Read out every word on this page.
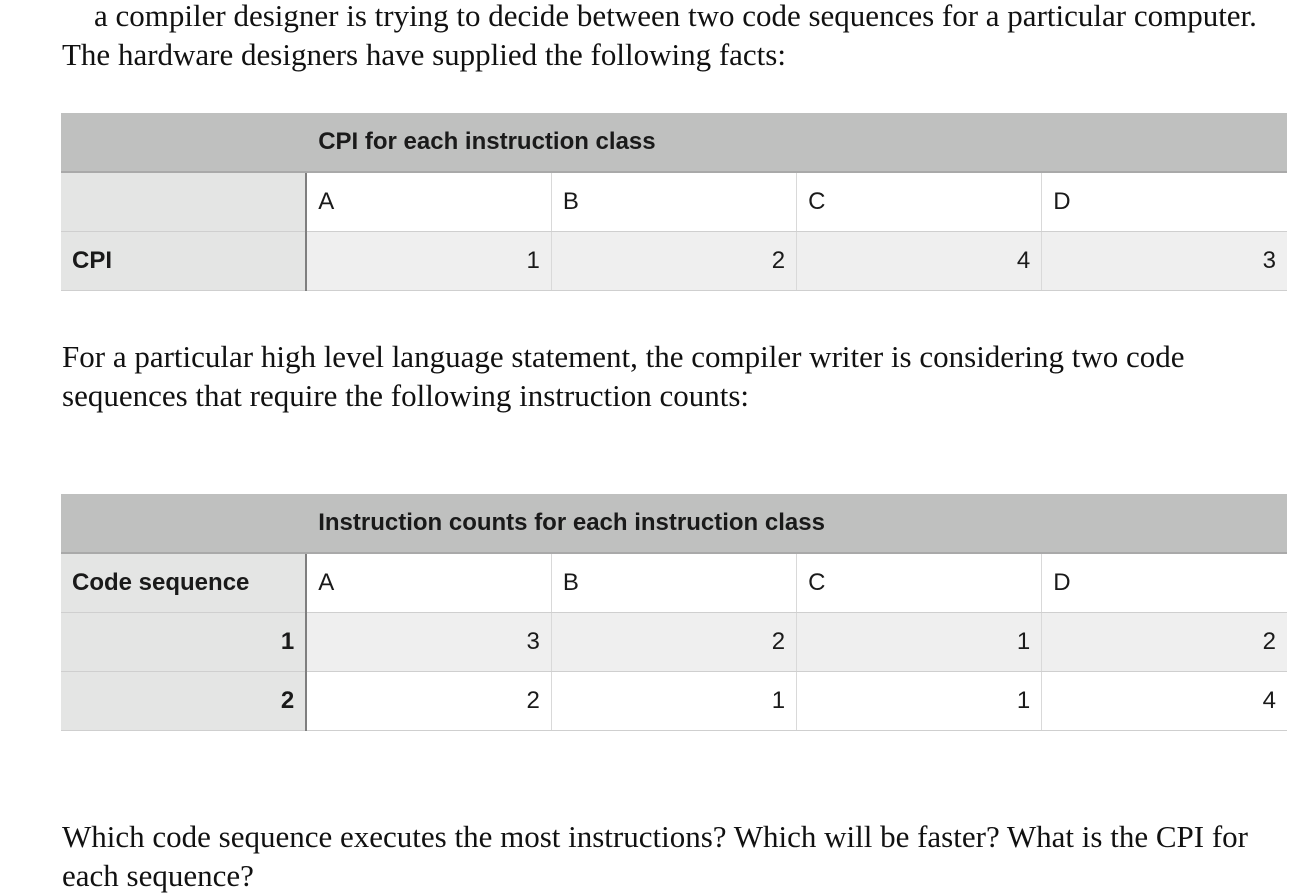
a compiler designer is trying to decide between two code sequences for a particular computer.
The hardware designers have supplied the following facts:

	CPI for each instruction class			
	A	B	C	D
CPI	1	2	4	3

For a particular high level language statement, the compiler writer is considering two code
sequences that require the following instruction counts:

	Instruction counts for each instruction class			
Code sequence	A	B	C	D
1	3	2	1	2
2	2	1	1	4

Which code sequence executes the most instructions? Which will be faster? What is the CPI for
each sequence?
